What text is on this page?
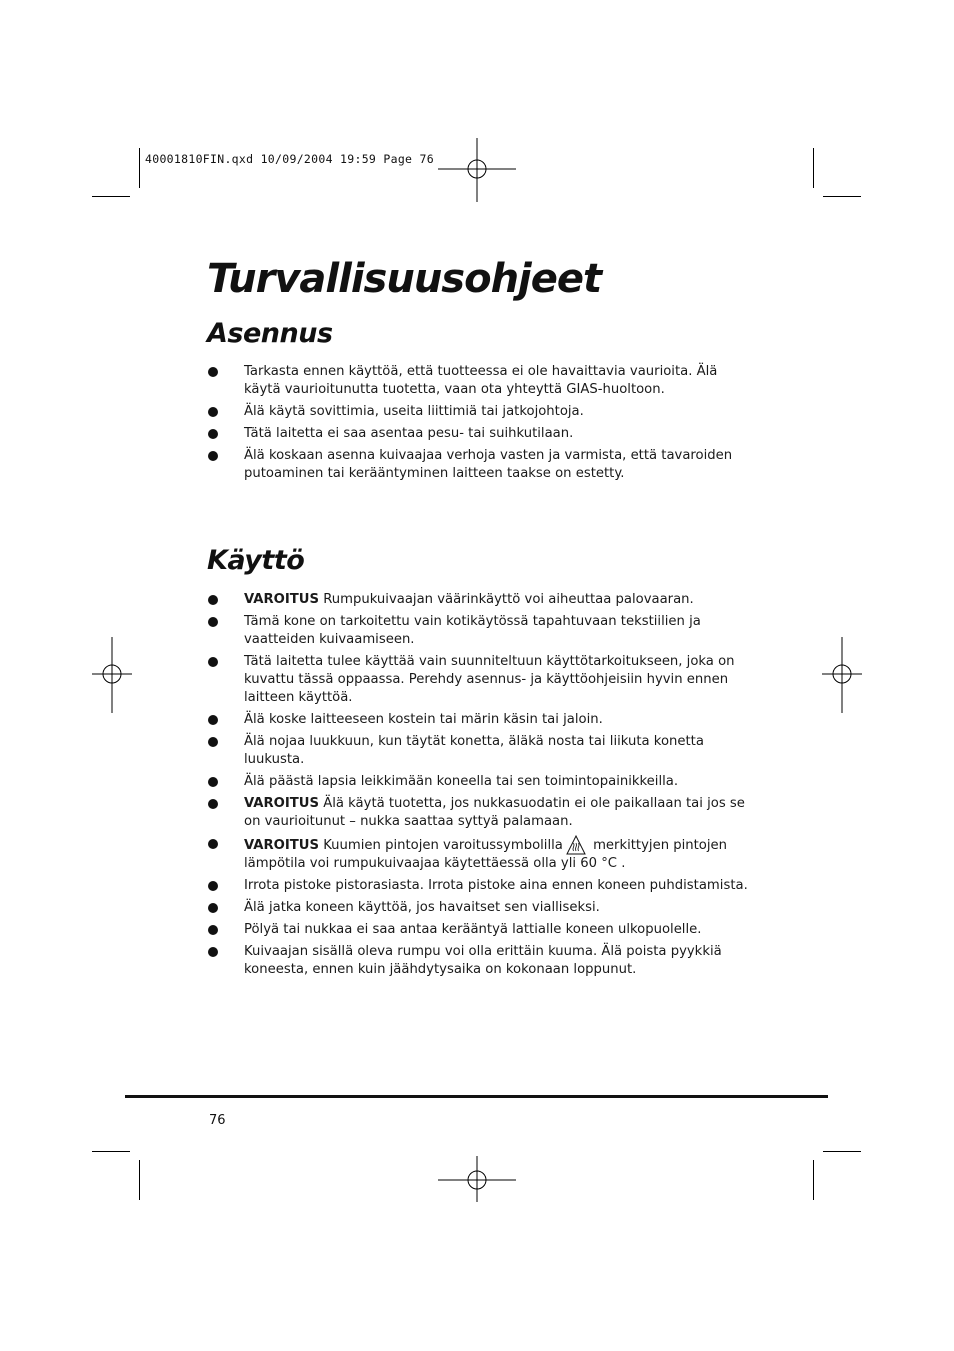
40001810FIN.qxd 10/09/2004 19:59 Page 76
Turvallisuusohjeet
Asennus
Tarkasta ennen käyttöä, että tuotteessa ei ole havaittavia vaurioita. Älä käytä vaurioitunutta tuotetta, vaan ota yhteyttä GIAS-huoltoon.
Älä käytä sovittimia, useita liittimiä tai jatkojohtoja.
Tätä laitetta ei saa asentaa pesu- tai suihkutilaan.
Älä koskaan asenna kuivaajaa verhoja vasten ja varmista, että tavaroiden putoaminen tai kerääntyminen laitteen taakse on estetty.
Käyttö
VAROITUS Rumpukuivaajan väärinkäyttö voi aiheuttaa palovaaran.
Tämä kone on tarkoitettu vain kotikäytössä tapahtuvaan tekstiilien ja vaatteiden kuivaamiseen.
Tätä laitetta tulee käyttää vain suunniteltuun käyttötarkoitukseen, joka on kuvattu tässä oppaassa. Perehdy asennus- ja käyttöohjeisiin hyvin ennen laitteen käyttöä.
Älä koske laitteeseen kostein tai märin käsin tai jaloin.
Älä nojaa luukkuun, kun täytät konetta, äläkä nosta tai liikuta konetta luukusta.
Älä päästä lapsia leikkimään koneella tai sen toimintopainikkeilla.
VAROITUS Älä käytä tuotetta, jos nukkasuodatin ei ole paikallaan tai jos se on vaurioitunut – nukka saattaa syttyä palamaan.
VAROITUS Kuumien pintojen varoitussymbolilla merkittyjen pintojen lämpötila voi rumpukuivaajaa käytettäessä olla yli 60 °C .
Irrota pistoke pistorasiasta. Irrota pistoke aina ennen koneen puhdistamista.
Älä jatka koneen käyttöä, jos havaitset sen vialliseksi.
Pölyä tai nukkaa ei saa antaa kerääntyä lattialle koneen ulkopuolelle.
Kuivaajan sisällä oleva rumpu voi olla erittäin kuuma. Älä poista pyykkiä koneesta, ennen kuin jäähdytysaika on kokonaan loppunut.
76
